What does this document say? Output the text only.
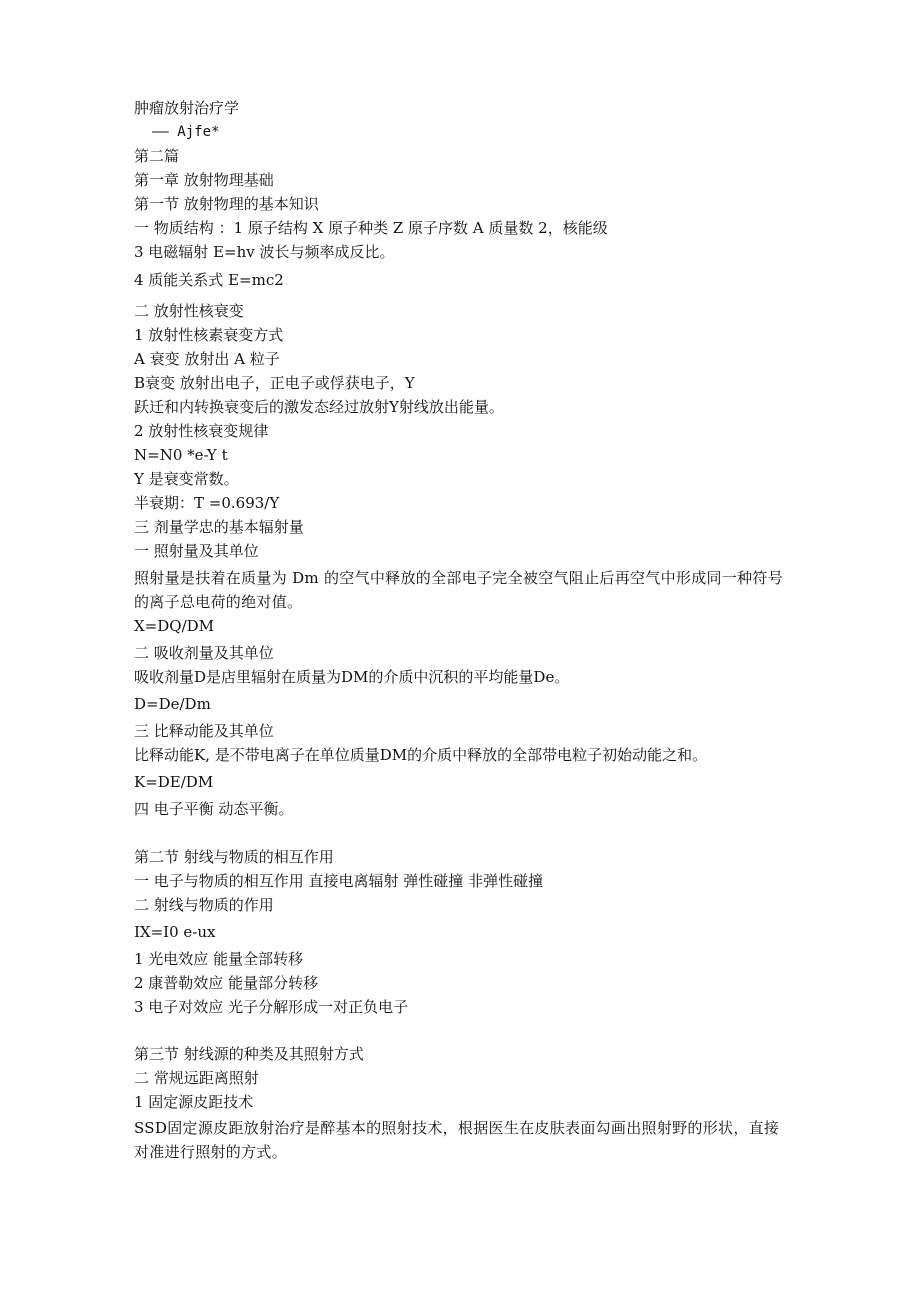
肿瘤放射治疗学
—— Ajfe*
第二篇
第一章 放射物理基础
第一节 放射物理的基本知识
一 物质结构 ：1 原子结构 X 原子种类 Z 原子序数 A 质量数 2，核能级
3 电磁辐射 E=hv 波长与频率成反比。
4 质能关系式 E=mc2
二 放射性核衰变
1 放射性核素衰变方式
A 衰变 放射出 A 粒子
B衰变 放射出电子，正电子或俘获电子，Y
跃迁和内转换衰变后的激发态经过放射Y射线放出能量。
2 放射性核衰变规律
N=N0 *e-Y t
Y 是衰变常数。
半衰期：T =0.693/Y
三 剂量学忠的基本辐射量
一 照射量及其单位
照射量是扶着在质量为 Dm 的空气中释放的全部电子完全被空气阻止后再空气中形成同一种符号的离子总电荷的绝对值。
X=DQ/DM
二 吸收剂量及其单位
吸收剂量D是店里辐射在质量为DM的介质中沉积的平均能量De。
D=De/Dm
三 比释动能及其单位
比释动能K, 是不带电离子在单位质量DM的介质中释放的全部带电粒子初始动能之和。
K=DE/DM
四 电子平衡 动态平衡。
第二节 射线与物质的相互作用
一 电子与物质的相互作用 直接电离辐射 弹性碰撞 非弹性碰撞
二 射线与物质的作用
IX=I0 e-ux
1 光电效应 能量全部转移
2 康普勒效应 能量部分转移
3 电子对效应 光子分解形成一对正负电子
第三节 射线源的种类及其照射方式
二 常规远距离照射
1 固定源皮距技术
SSD固定源皮距放射治疗是醉基本的照射技术，根据医生在皮肤表面勾画出照射野的形状，直接对准进行照射的方式。
